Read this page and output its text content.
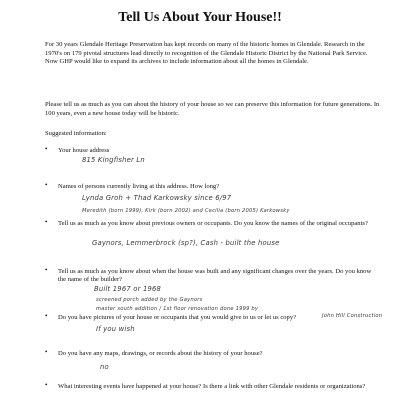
Tell Us About Your House!!
For 30 years Glendale Heritage Preservation has kept records on many of the historic homes in Glendale. Research in the 1970's on 179 pivotal structures lead directly to recognition of the Glendale Historic District by the National Park Service. Now GHP would like to expand its archives to include information about all the homes in Glendale.
Please tell us as much as you can about the history of your house so we can preserve this information for future generations. In 100 years, even a new house today will be historic.
Suggested information:
• Your house address
815 Kingfisher Ln
• Names of persons currently living at this address. How long?
Lynda Groh + Thad Karkowsky since 6/97
Meredith (born 1999), Kirk (born 2002) and Cecilia (born 2005) Karkowsky
• Tell us as much as you know about previous owners or occupants. Do you know the names of the original occupants?
Gaynors, Lemmerbrock (sp?), Cash - built the house
• Tell us as much as you know about when the house was built and any significant changes over the years. Do you know the name of the builder?
Built 1967 or 1968
screened porch added by the Gaynors
master south addition / 1st floor renovation done 1999 by
John Hill Construction
• Do you have pictures of your house or occupants that you would give to us or let us copy?
If you wish
• Do you have any maps, drawings, or records about the history of your house?
no
• What interesting events have happened at your house? Is there a link with other Glendale residents or organizations?
